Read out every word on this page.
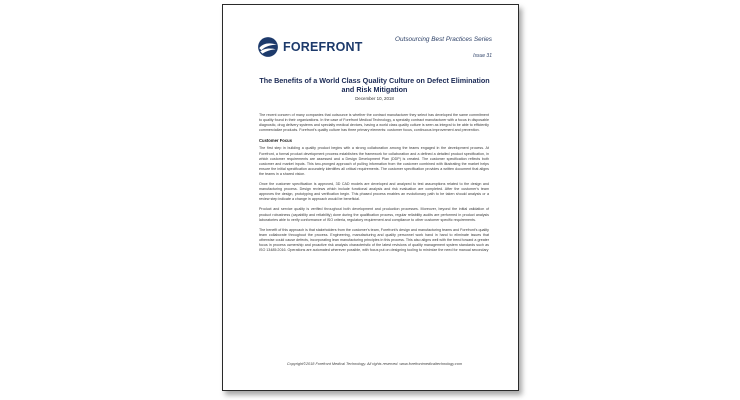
FOREFRONT
Outsourcing Best Practices Series
Issue 31
The Benefits of a World Class Quality Culture on Defect Elimination and Risk Mitigation
December 10, 2018

The recent concern of many companies that outsource is whether the contract manufacturer they select has developed the same commitment to quality found in their organizations. In the case of Forefront Medical Technology, a specialty contract manufacturer with a focus in disposable diagnostic, drug delivery systems and specialty medical devices, having a world class quality culture is seen as integral to be able to efficiently commercialize products. Forefront’s quality culture has three primary elements: customer focus, continuous improvement and prevention.

Customer Focus

The first step in building a quality product begins with a strong collaboration among the teams engaged in the development process. At Forefront, a formal product development process establishes the framework for collaboration and a defined a detailed product specification, in which customer requirements are assessed and a Design Development Plan (DDP) is created. The customer specification reflects both customer and market inputs. This two-pronged approach of pulling information from the customer combined with illustrating the market helps ensure the initial specification accurately identifies all critical requirements. The customer specification provides a written document that aligns the teams in a shared vision.

Once the customer specification is approved, 3D CAD models are developed and analyzed to test assumptions related to the design and manufacturing process. Design reviews which include functional analysis and risk evaluation are completed. After the customer’s team approves the design, prototyping and verification begin. This phased process enables an evolutionary path to be taken should analysis or a review step indicate a change in approach would be beneficial.

Product and service quality is verified throughout both development and production processes. Moreover, beyond the initial validation of product robustness (capability and reliability) done during the qualification process, regular reliability audits are performed in product analysis laboratories able to verify conformance of ISO criteria, regulatory requirement and compliance to other customer specific requirements.

The benefit of this approach is that stakeholders from the customer’s team, Forefront’s design and manufacturing teams and Forefront’s quality team collaborate throughout the process. Engineering, manufacturing and quality personnel work hand in hand to eliminate issues that otherwise could cause defects, incorporating lean manufacturing principles in this process. This also aligns well with the trend toward a greater focus in process ownership and proactive risk analysis characteristic of the latest revisions of quality management system standards such as ISO 13485:2016. Operations are automated wherever possible, with focus put on designing tooling to minimize the need for manual secondary

Copyright©2018 Forefront Medical Technology. All rights reserved. www.forefrontmedicaltechnology.com
